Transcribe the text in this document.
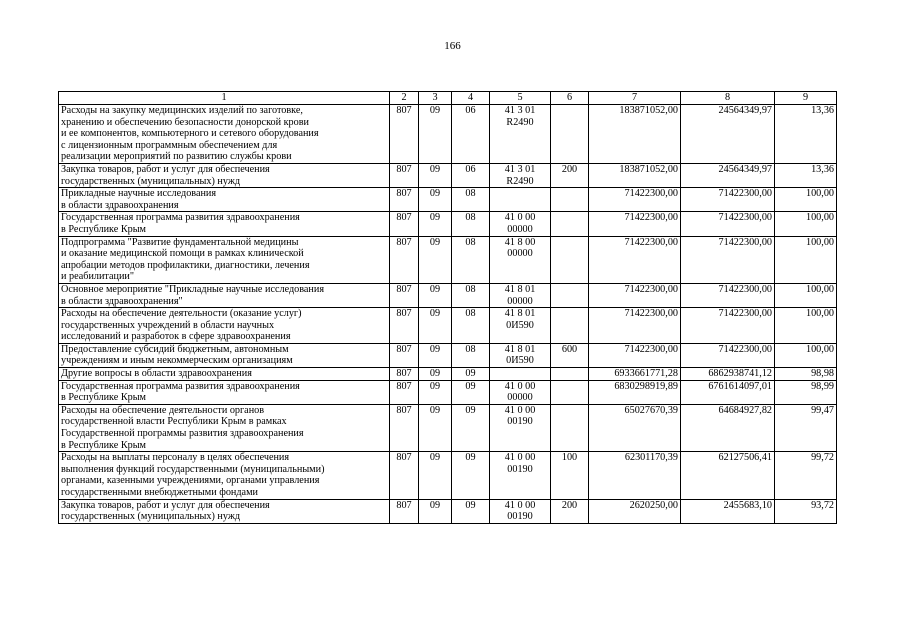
166
1	2	3	4	5	6	7	8	9

Расходы на закупку медицинских изделий по заготовке,
хранению и обеспечению безопасности донорской крови
и ее компонентов, компьютерного и сетевого оборудования
с лицензионным программным обеспечением для
реализации мероприятий по развитию службы крови	807	09	06	41 3 01 R2490		183871052,00	24564349,97	13,36

Закупка товаров, работ и услуг для обеспечения
государственных (муниципальных) нужд	807	09	06	41 3 01 R2490	200	183871052,00	24564349,97	13,36

Прикладные научные исследования
в области здравоохранения	807	09	08			71422300,00	71422300,00	100,00

Государственная программа развития здравоохранения
в Республике Крым	807	09	08	41 0 00 00000		71422300,00	71422300,00	100,00

Подпрограмма "Развитие фундаментальной медицины
и оказание медицинской помощи в рамках клинической
апробации методов профилактики, диагностики, лечения
и реабилитации"	807	09	08	41 8 00 00000		71422300,00	71422300,00	100,00

Основное мероприятие "Прикладные научные исследования
в области здравоохранения"	807	09	08	41 8 01 00000		71422300,00	71422300,00	100,00

Расходы на обеспечение деятельности (оказание услуг)
государственных учреждений в области научных
исследований и разработок в сфере здравоохранения	807	09	08	41 8 01 0И590		71422300,00	71422300,00	100,00

Предоставление субсидий бюджетным, автономным
учреждениям и иным некоммерческим организациям	807	09	08	41 8 01 0И590	600	71422300,00	71422300,00	100,00

Другие вопросы в области здравоохранения	807	09	09			6933661771,28	6862938741,12	98,98

Государственная программа развития здравоохранения
в Республике Крым	807	09	09	41 0 00 00000		6830298919,89	6761614097,01	98,99

Расходы на обеспечение деятельности органов
государственной власти Республики Крым в рамках
Государственной программы развития здравоохранения
в Республике Крым	807	09	09	41 0 00 00190		65027670,39	64684927,82	99,47

Расходы на выплаты персоналу в целях обеспечения
выполнения функций государственными (муниципальными)
органами, казенными учреждениями, органами управления
государственными внебюджетными фондами	807	09	09	41 0 00 00190	100	62301170,39	62127506,41	99,72

Закупка товаров, работ и услуг для обеспечения
государственных (муниципальных) нужд	807	09	09	41 0 00 00190	200	2620250,00	2455683,10	93,72
